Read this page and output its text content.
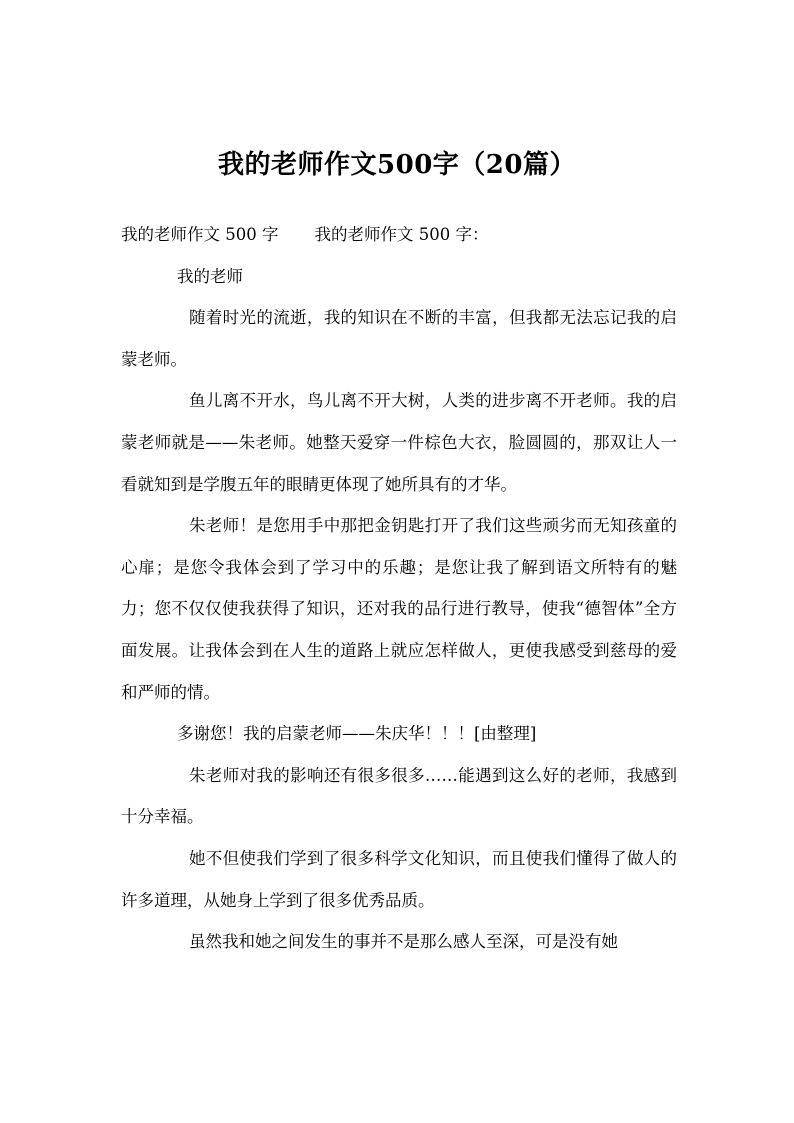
我的老师作文500字（20篇）

我的老师作文 500 字 我的老师作文 500 字：

我的老师

随着时光的流逝，我的知识在不断的丰富，但我都无法忘记我的启蒙老师。

鱼儿离不开水，鸟儿离不开大树，人类的进步离不开老师。我的启蒙老师就是——朱老师。她整天爱穿一件棕色大衣，脸圆圆的，那双让人一看就知到是学腹五年的眼睛更体现了她所具有的才华。

朱老师！是您用手中那把金钥匙打开了我们这些顽劣而无知孩童的心扉；是您令我体会到了学习中的乐趣；是您让我了解到语文所特有的魅力；您不仅仅使我获得了知识，还对我的品行进行教导，使我“德智体”全方面发展。让我体会到在人生的道路上就应怎样做人，更使我感受到慈母的爱和严师的情。

多谢您！我的启蒙老师——朱庆华！！！[由整理]

朱老师对我的影响还有很多很多……能遇到这么好的老师，我感到十分幸福。

她不但使我们学到了很多科学文化知识，而且使我们懂得了做人的许多道理，从她身上学到了很多优秀品质。

虽然我和她之间发生的事并不是那么感人至深，可是没有她
